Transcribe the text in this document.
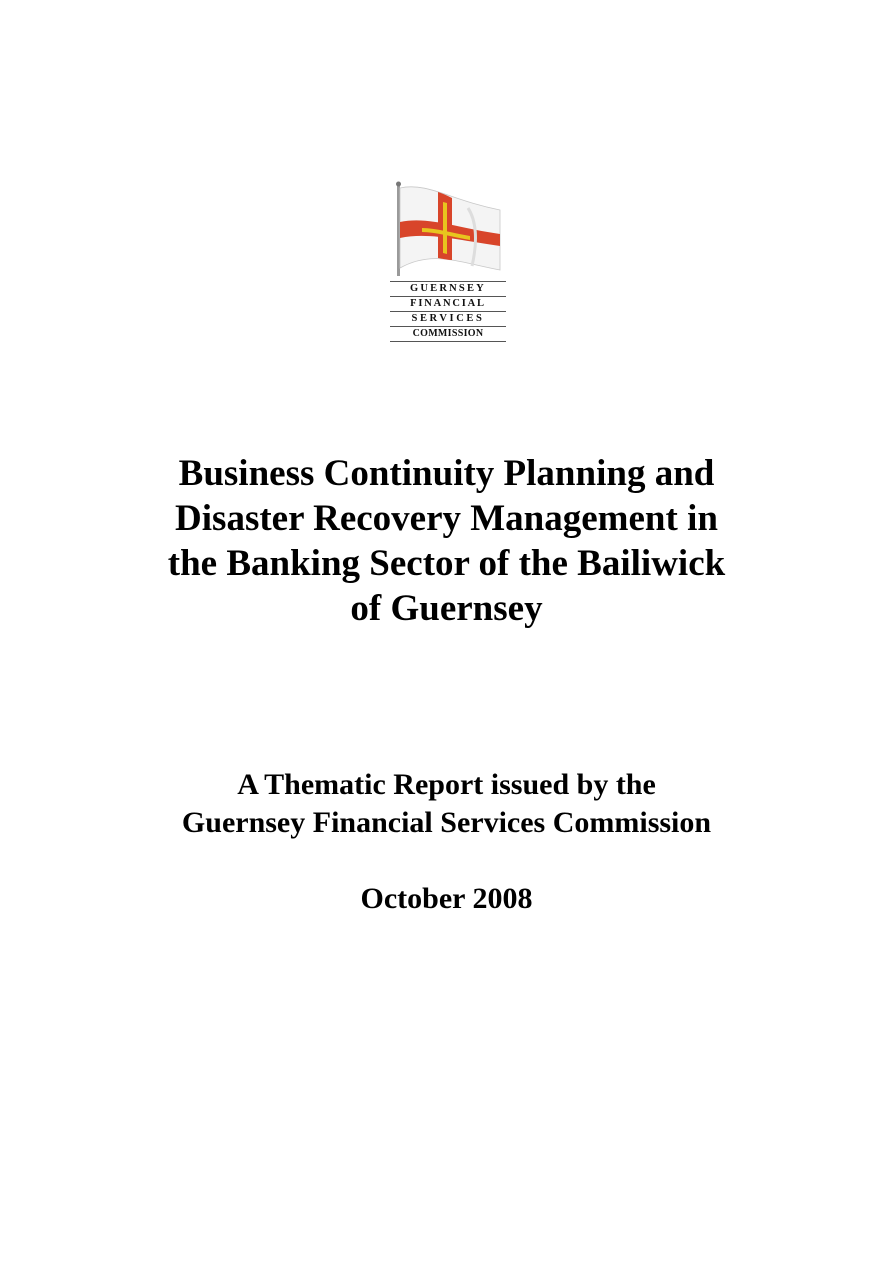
GUERNSEY
FINANCIAL
SERVICES
COMMISSION
Business Continuity Planning and
Disaster Recovery Management in
the Banking Sector of the Bailiwick
of Guernsey
A Thematic Report issued by the
Guernsey Financial Services Commission
October 2008
